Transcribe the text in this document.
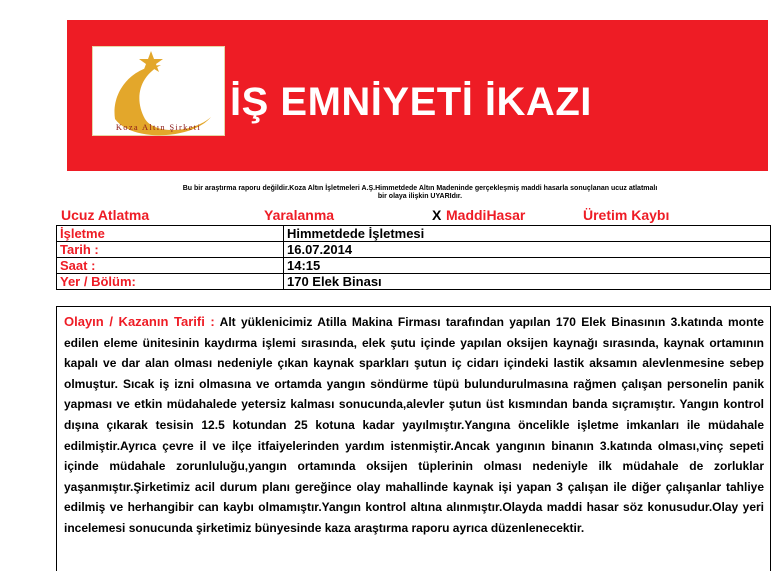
Koza Altın Şirketi
İŞ EMNİYETİ İKAZI
Bu bir araştırma raporu değildir.Koza Altın İşletmeleri A.Ş.Himmetdede Altın Madeninde gerçekleşmiş maddi hasarla sonuçlanan ucuz atlatmalı
bir olaya ilişkin UYARIdır.
Ucuz Atlatma	Yaralanma	X MaddiHasar	Üretim Kaybı
İşletme	Himmetdede İşletmesi
Tarih :	16.07.2014
Saat :	14:15
Yer / Bölüm:	170 Elek Binası
Olayın / Kazanın Tarifi : Alt yüklenicimiz Atilla Makina Firması tarafından yapılan 170 Elek Binasının 3.katında monte edilen eleme ünitesinin kaydırma işlemi sırasında, elek şutu içinde yapılan oksijen kaynağı sırasında, kaynak ortamının kapalı ve dar alan olması nedeniyle çıkan kaynak sparkları şutun iç cidarı içindeki lastik aksamın alevlenmesine sebep olmuştur. Sıcak iş izni olmasına ve ortamda yangın söndürme tüpü bulundurulmasına rağmen çalışan personelin panik yapması ve etkin müdahalede yetersiz kalması sonucunda,alevler şutun üst kısmından banda sıçramıştır. Yangın kontrol dışına çıkarak tesisin 12.5 kotundan 25 kotuna kadar yayılmıştır.Yangına öncelikle işletme imkanları ile müdahale edilmiştir.Ayrıca çevre il ve ilçe itfaiyelerinden yardım istenmiştir.Ancak yangının binanın 3.katında olması,vinç sepeti içinde müdahale zorunluluğu,yangın ortamında oksijen tüplerinin olması nedeniyle ilk müdahale de zorluklar yaşanmıştır.Şirketimiz acil durum planı gereğince olay mahallinde kaynak işi yapan 3 çalışan ile diğer çalışanlar tahliye edilmiş ve herhangibir can kaybı olmamıştır.Yangın kontrol altına alınmıştır.Olayda maddi hasar söz konusudur.Olay yeri incelemesi sonucunda şirketimiz bünyesinde kaza araştırma raporu ayrıca düzenlenecektir.
